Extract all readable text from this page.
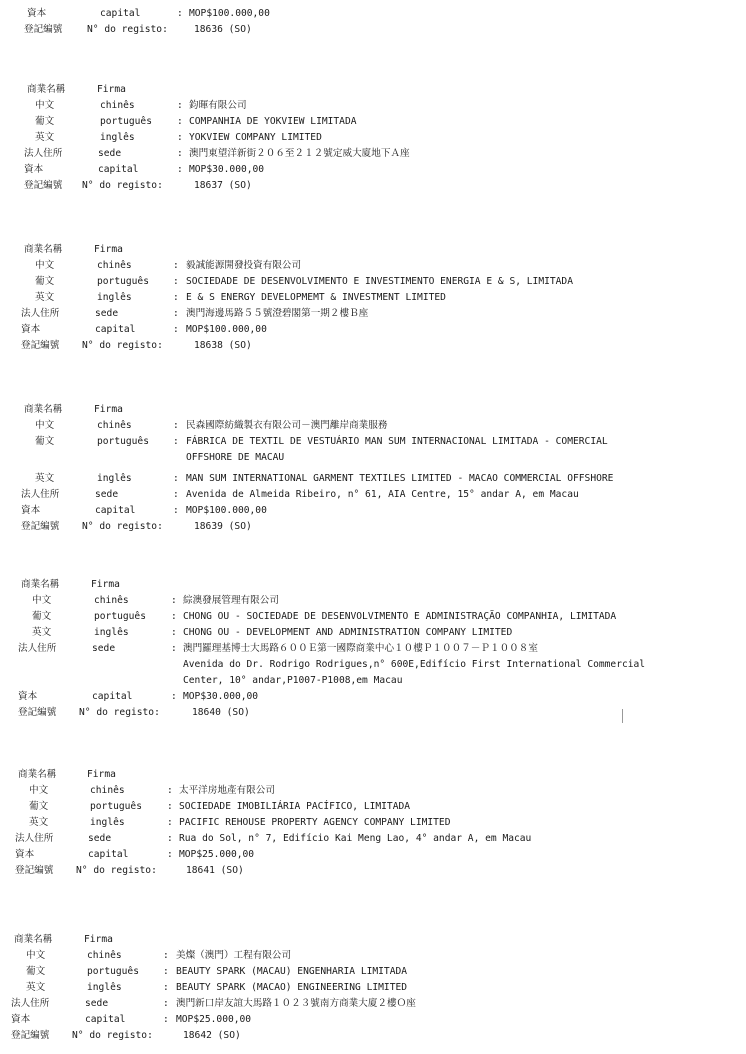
資本	capital	: MOP$100.000,00
登記編號	N° do registo:	18636 (SO)
商業名稱	Firma
中文	chinês	: 鈞暉有限公司
葡文	português	: COMPANHIA DE YOKVIEW LIMITADA
英文	inglês	: YOKVIEW COMPANY LIMITED
法人住所	sede	: 澳門東望洋新街２０６至２１２號定威大廈地下Ａ座
資本	capital	: MOP$30.000,00
登記編號 N° do registo:	18637 (SO)
商業名稱	Firma
中文	chinês	: 毅誠能源開發投資有限公司
葡文	português	: SOCIEDADE DE DESENVOLVIMENTO E INVESTIMENTO ENERGIA E & S, LIMITADA
英文	inglês	: E & S ENERGY DEVELOPMEMT & INVESTMENT LIMITED
法人住所	sede	: 澳門海邊馬路５５號澄碧閣第一期２樓Ｂ座
資本	capital	: MOP$100.000,00
登記編號 N° do registo:	18638 (SO)
商業名稱	Firma
中文	chinês	: 民森國際紡織製衣有限公司－澳門離岸商業服務
葡文	português	: FÁBRICA DE TEXTIL DE VESTUÁRIO MAN SUM INTERNACIONAL LIMITADA - COMERCIAL
OFFSHORE DE MACAU
英文	inglês	: MAN SUM INTERNATIONAL GARMENT TEXTILES LIMITED - MACAO COMMERCIAL OFFSHORE
法人住所	sede	: Avenida de Almeida Ribeiro, n° 61, AIA Centre, 15° andar A, em Macau
資本	capital	: MOP$100.000,00
登記編號 N° do registo:	18639 (SO)
商業名稱	Firma
中文	chinês	: 綜澳發展管理有限公司
葡文	português	: CHONG OU - SOCIEDADE DE DESENVOLVIMENTO E ADMINISTRAÇÃO COMPANHIA, LIMITADA
英文	inglês	: CHONG OU - DEVELOPMENT AND ADMINISTRATION COMPANY LIMITED
法人住所	sede	: 澳門羅理基博士大馬路６００Ｅ第一國際商業中心１０樓Ｐ１００７－Ｐ１００８室
Avenida do Dr. Rodrigo Rodrigues,n° 600E,Edifício First International Commercial
Center, 10° andar,P1007-P1008,em Macau
資本	capital	: MOP$30.000,00
登記編號 N° do registo:	18640 (SO)
商業名稱	Firma
中文	chinês	: 太平洋房地產有限公司
葡文	português	: SOCIEDADE IMOBILIÁRIA PACÍFICO, LIMITADA
英文	inglês	: PACIFIC REHOUSE PROPERTY AGENCY COMPANY LIMITED
法人住所	sede	: Rua do Sol, n° 7, Edifício Kai Meng Lao, 4° andar A, em Macau
資本	capital	: MOP$25.000,00
登記編號 N° do registo:	18641 (SO)
商業名稱	Firma
中文	chinês	: 美燦（澳門）工程有限公司
葡文	português	: BEAUTY SPARK (MACAU) ENGENHARIA LIMITADA
英文	inglês	: BEAUTY SPARK (MACAO) ENGINEERING LIMITED
法人住所	sede	: 澳門新口岸友誼大馬路１０２３號南方商業大廈２樓Ｏ座
資本	capital	: MOP$25.000,00
登記編號 N° do registo:	18642 (SO)
